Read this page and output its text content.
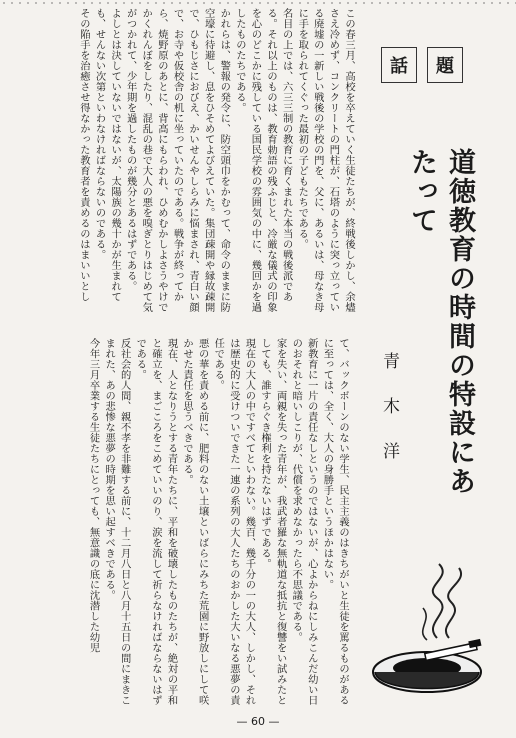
この春三月、高校を卒えていく生徒たちが、終戦後しかし、余燼さえ冷めず、コンクリートの門柱が、石塔のように突っ立っている廃墟の一新しい戦後の学校の門を、父に、あるいは、母なき母に手を取られてくぐった最初の子どもたちである。
名目の上では、六三三制の教育に育くまれた本当の戦後派である。それ以上のものは、教育勅語の残ふじと、冷厳な儀式の印象を心のどこかに残している国民学校の雰囲気の中に、幾回かを過したものたちである。
かれらは、警報の発令に、防空頭巾をかむって、命令のままに防空壕に待避し、息をひそめてよびえていた。集団疎開や縁故疎開で、ひもじさにおびえ、かいせんやしらみに悩まされ、青白い顔で、お寺や仮校舎の机に坐っていたのである。戦争が終ってから、焼野原のあとに、背高にもらわれ、ひめむかしよさうやけでかくれんぼをしたり、混乱の巷で大人の悪を嗅ぎとりはじめて気がつかれて、少年期を過したものが幾分とあるはずである。
よしとは決していないではないが、太陽族の幾十かが生まれても、せんない次第といわなければならないのである。
その陥手を治癒させ得なかった教育者を責めるのはまいいとし	話	題
道徳教育の時間の特設にあたって
青木洋
て、バックボーンのない学生、民主主義のはきちがいと生徒を罵るものがあるに至っては、全く、大人の身勝手というほかはない。
新教育に一片の責任なしというのではないが、心よからねにしみこんだ幼い日のおそれと暗いしこりが、代償を求めなかったら不思議である。
家を失い、両親を失った青年が、我武者羅な無軌道な抵抗と復讐をい試みたとしても、誰すらぐき権利を持たないはずである。
現在の大人の中ですべてといわない。幾百、幾千分の一の大人、しかし、それは歴史的に受けついできた一連の系列の大人たちのおかした大いなる悪夢の責任である。
悪の華を責める前に、肥料のない土壌といばらにみちた荒園に野放しにして咲かせた責任を思うべきである。
現在、人となりうとする青年たちに、平和を破壊したものたちが、絶対の平和と確立を、まごころをこめていいのり、涙を流して祈らなければならないはずである。
反社会的人間、親不孝を非難する前に、十二月八日と八月十五日の間にまきこまれた、あの悲惨な悪夢の時期を思い起すべきである。
今年三月卒業する生徒たちにとっても、無意識の底に沈潜した幼児
— 60 —
